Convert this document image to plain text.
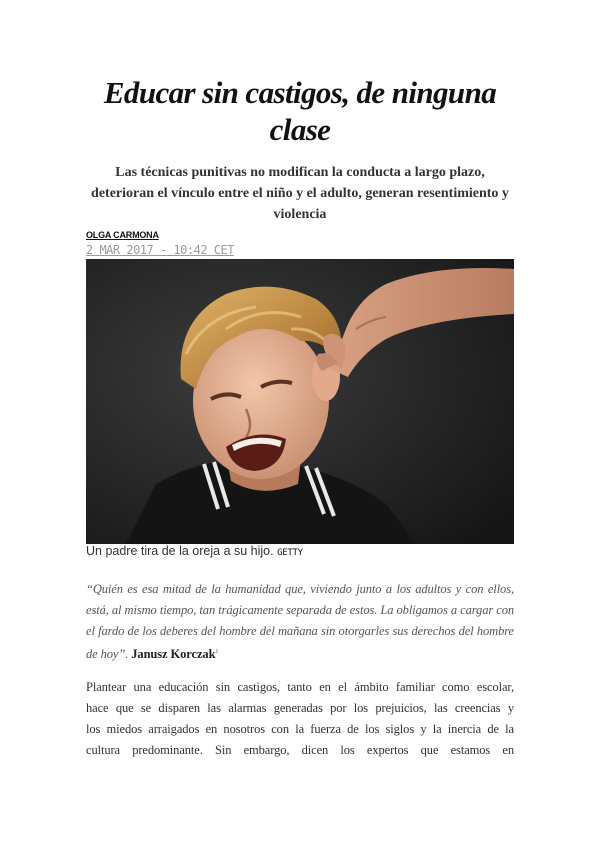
Educar sin castigos, de ninguna clase

Las técnicas punitivas no modifican la conducta a largo plazo, deterioran el vínculo entre el niño y el adulto, generan resentimiento y violencia

OLGA CARMONA
2 MAR 2017 - 10:42 CET
Un padre tira de la oreja a su hijo. GETTY
“Quién es esa mitad de la humanidad que, viviendo junto a los adultos y con ellos, está, al mismo tiempo, tan trágicamente separada de estos. La obligamos a cargar con el fardo de los deberes del hombre del mañana sin otorgarles sus derechos del hombre de hoy”. Janusz Korczak$^1$
Plantear una educación sin castigos, tanto en el ámbito familiar como escolar,
hace que se disparen las alarmas generadas por los prejuicios, las creencias y
los miedos arraigados en nosotros con la fuerza de los siglos y la inercia de la
cultura predominante. Sin embargo, dicen los expertos que estamos en
